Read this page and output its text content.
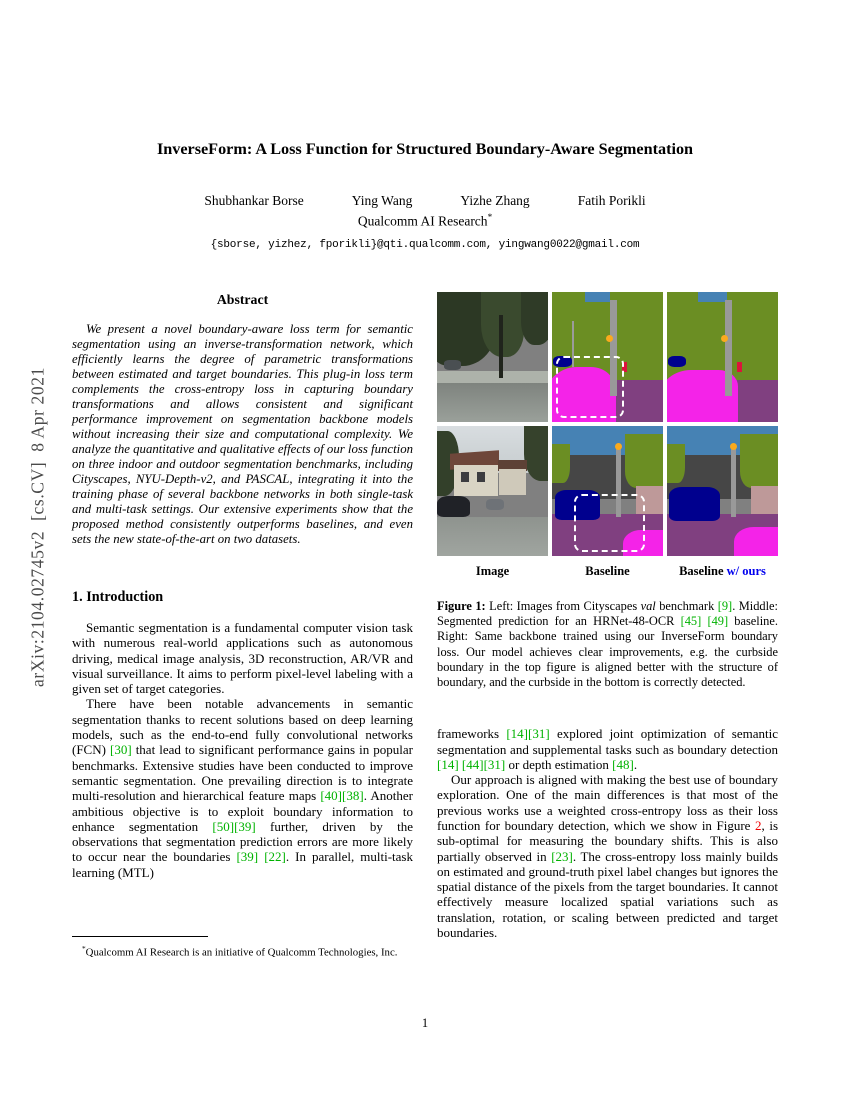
arXiv:2104.02745v2  [cs.CV]  8 Apr 2021
InverseForm: A Loss Function for Structured Boundary-Aware Segmentation
Shubhankar Borse	Ying Wang	Yizhe Zhang	Fatih Porikli
Qualcomm AI Research*
{sborse, yizhez, fporikli}@qti.qualcomm.com, yingwang0022@gmail.com
Abstract

We present a novel boundary-aware loss term for semantic segmentation using an inverse-transformation network, which efficiently learns the degree of parametric transformations between estimated and target boundaries. This plug-in loss term complements the cross-entropy loss in capturing boundary transformations and allows consistent and significant performance improvement on segmentation backbone models without increasing their size and computational complexity. We analyze the quantitative and qualitative effects of our loss function on three indoor and outdoor segmentation benchmarks, including Cityscapes, NYU-Depth-v2, and PASCAL, integrating it into the training phase of several backbone networks in both single-task and multi-task settings. Our extensive experiments show that the proposed method consistently outperforms baselines, and even sets the new state-of-the-art on two datasets.

1. Introduction

Semantic segmentation is a fundamental computer vision task with numerous real-world applications such as autonomous driving, medical image analysis, 3D reconstruction, AR/VR and visual surveillance. It aims to perform pixel-level labeling with a given set of target categories.

There have been notable advancements in semantic segmentation thanks to recent solutions based on deep learning models, such as the end-to-end fully convolutional networks (FCN) [30] that lead to significant performance gains in popular benchmarks. Extensive studies have been conducted to improve semantic segmentation. One prevailing direction is to integrate multi-resolution and hierarchical feature maps [40][38]. Another ambitious objective is to exploit boundary information to enhance segmentation [50][39] further, driven by the observations that segmentation prediction errors are more likely to occur near the boundaries [39] [22]. In parallel, multi-task learning (MTL)

*Qualcomm AI Research is an initiative of Qualcomm Technologies, Inc.

Image	Baseline	Baseline w/ ours
Figure 1: Left: Images from Cityscapes val benchmark [9]. Middle: Segmented prediction for an HRNet-48-OCR [45] [49] baseline. Right: Same backbone trained using our InverseForm boundary loss. Our model achieves clear improvements, e.g. the curbside boundary in the top figure is aligned better with the structure of boundary, and the curbside in the bottom is correctly detected.

frameworks [14][31] explored joint optimization of semantic segmentation and supplemental tasks such as boundary detection [14] [44][31] or depth estimation [48].

Our approach is aligned with making the best use of boundary exploration. One of the main differences is that most of the previous works use a weighted cross-entropy loss as their loss function for boundary detection, which we show in Figure 2, is sub-optimal for measuring the boundary shifts. This is also partially observed in [23]. The cross-entropy loss mainly builds on estimated and ground-truth pixel label changes but ignores the spatial distance of the pixels from the target boundaries. It cannot effectively measure localized spatial variations such as translation, rotation, or scaling between predicted and target boundaries.

1
